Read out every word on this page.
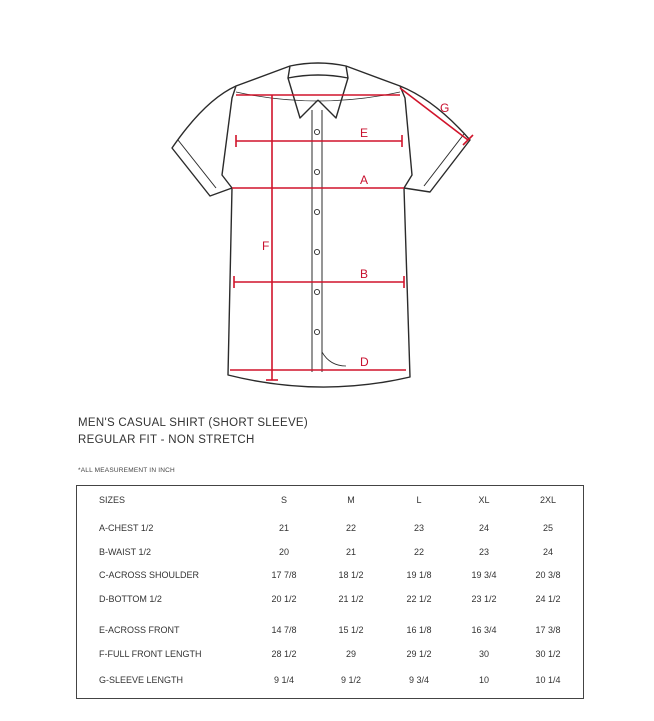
E
A
F
B
D
G
MEN'S CASUAL SHIRT (SHORT SLEEVE)
REGULAR FIT - NON STRETCH
*ALL MEASUREMENT IN INCH
SIZES	S	M	L	XL	2XL
A-CHEST 1/2	21	22	23	24	25
B-WAIST 1/2	20	21	22	23	24
C-ACROSS SHOULDER	17 7/8	18 1/2	19 1/8	19 3/4	20 3/8
D-BOTTOM 1/2	20 1/2	21 1/2	22 1/2	23 1/2	24 1/2
E-ACROSS FRONT	14 7/8	15 1/2	16 1/8	16 3/4	17 3/8
F-FULL FRONT LENGTH	28 1/2	29	29 1/2	30	30 1/2
G-SLEEVE LENGTH	9 1/4	9 1/2	9 3/4	10	10 1/4
